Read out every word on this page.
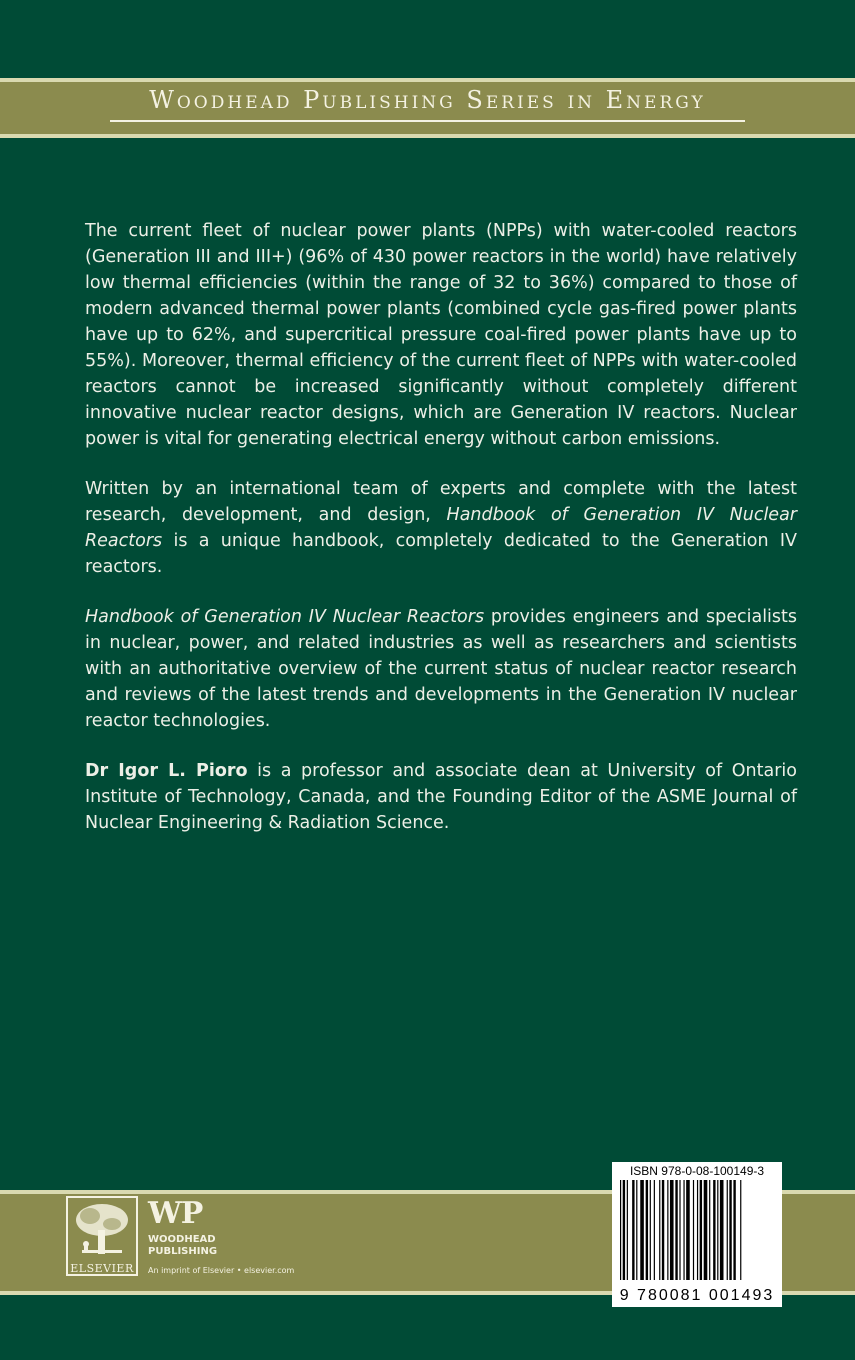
Woodhead Publishing Series in Energy

The current fleet of nuclear power plants (NPPs) with water-cooled reactors (Generation III and III+) (96% of 430 power reactors in the world) have relatively low thermal efficiencies (within the range of 32 to 36%) compared to those of modern advanced thermal power plants (combined cycle gas-fired power plants have up to 62%, and supercritical pressure coal-fired power plants have up to 55%). Moreover, thermal efficiency of the current fleet of NPPs with water-cooled reactors cannot be increased significantly without completely different innovative nuclear reactor designs, which are Generation IV reactors. Nuclear power is vital for generating electrical energy without carbon emissions.

Written by an international team of experts and complete with the latest research, development, and design, Handbook of Generation IV Nuclear Reactors is a unique handbook, completely dedicated to the Generation IV reactors.

Handbook of Generation IV Nuclear Reactors provides engineers and specialists in nuclear, power, and related industries as well as researchers and scientists with an authoritative overview of the current status of nuclear reactor research and reviews of the latest trends and developments in the Generation IV nuclear reactor technologies.

Dr Igor L. Pioro is a professor and associate dean at University of Ontario Institute of Technology, Canada, and the Founding Editor of the ASME Journal of Nuclear Engineering & Radiation Science.

ELSEVIER
WP
WOODHEAD
PUBLISHING
An imprint of Elsevier • elsevier.com
ISBN 978-0-08-100149-3
9 780081 001493
